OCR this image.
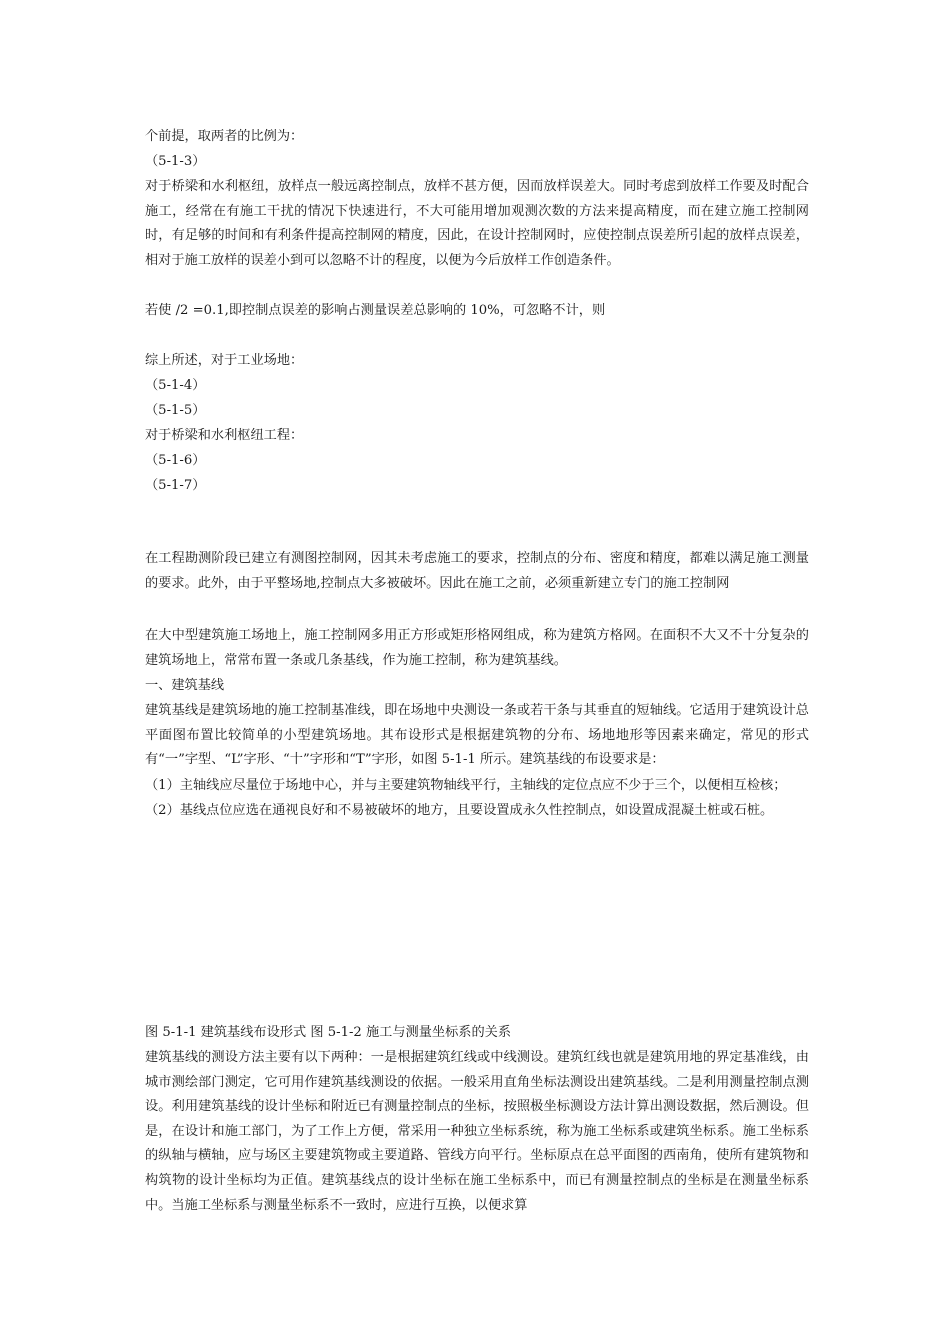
个前提，取两者的比例为：
（5-1-3）
对于桥梁和水利枢纽，放样点一般远离控制点，放样不甚方便，因而放样误差大。同时考虑到放样工作要及时配合施工，经常在有施工干扰的情况下快速进行，不大可能用增加观测次数的方法来提高精度，而在建立施工控制网时，有足够的时间和有利条件提高控制网的精度，因此，在设计控制网时，应使控制点误差所引起的放样点误差，相对于施工放样的误差小到可以忽略不计的程度，以便为今后放样工作创造条件。
若使 /2 =0.1,即控制点误差的影响占测量误差总影响的 10%，可忽略不计，则
综上所述，对于工业场地：
（5-1-4）
（5-1-5）
对于桥梁和水利枢纽工程：
（5-1-6）
（5-1-7）
在工程勘测阶段已建立有测图控制网，因其未考虑施工的要求，控制点的分布、密度和精度，都难以满足施工测量的要求。此外，由于平整场地,控制点大多被破坏。因此在施工之前，必须重新建立专门的施工控制网
在大中型建筑施工场地上，施工控制网多用正方形或矩形格网组成，称为建筑方格网。在面积不大又不十分复杂的建筑场地上，常常布置一条或几条基线，作为施工控制，称为建筑基线。
一、建筑基线
建筑基线是建筑场地的施工控制基准线，即在场地中央测设一条或若干条与其垂直的短轴线。它适用于建筑设计总平面图布置比较简单的小型建筑场地。其布设形式是根据建筑物的分布、场地地形等因素来确定，常见的形式有“一”字型、“L”字形、“十”字形和“T”字形，如图 5-1-1 所示。建筑基线的布设要求是：
（1）主轴线应尽量位于场地中心，并与主要建筑物轴线平行，主轴线的定位点应不少于三个，以便相互检核；
（2）基线点位应选在通视良好和不易被破坏的地方，且要设置成永久性控制点，如设置成混凝土桩或石桩。
图 5-1-1 建筑基线布设形式 图 5-1-2 施工与测量坐标系的关系
建筑基线的测设方法主要有以下两种：一是根据建筑红线或中线测设。建筑红线也就是建筑用地的界定基准线，由城市测绘部门测定，它可用作建筑基线测设的依据。一般采用直角坐标法测设出建筑基线。二是利用测量控制点测设。利用建筑基线的设计坐标和附近已有测量控制点的坐标，按照极坐标测设方法计算出测设数据，然后测设。但是，在设计和施工部门，为了工作上方便，常采用一种独立坐标系统，称为施工坐标系或建筑坐标系。施工坐标系的纵轴与横轴，应与场区主要建筑物或主要道路、管线方向平行。坐标原点在总平面图的西南角，使所有建筑物和构筑物的设计坐标均为正值。建筑基线点的设计坐标在施工坐标系中，而已有测量控制点的坐标是在测量坐标系中。当施工坐标系与测量坐标系不一致时，应进行互换，以便求算
